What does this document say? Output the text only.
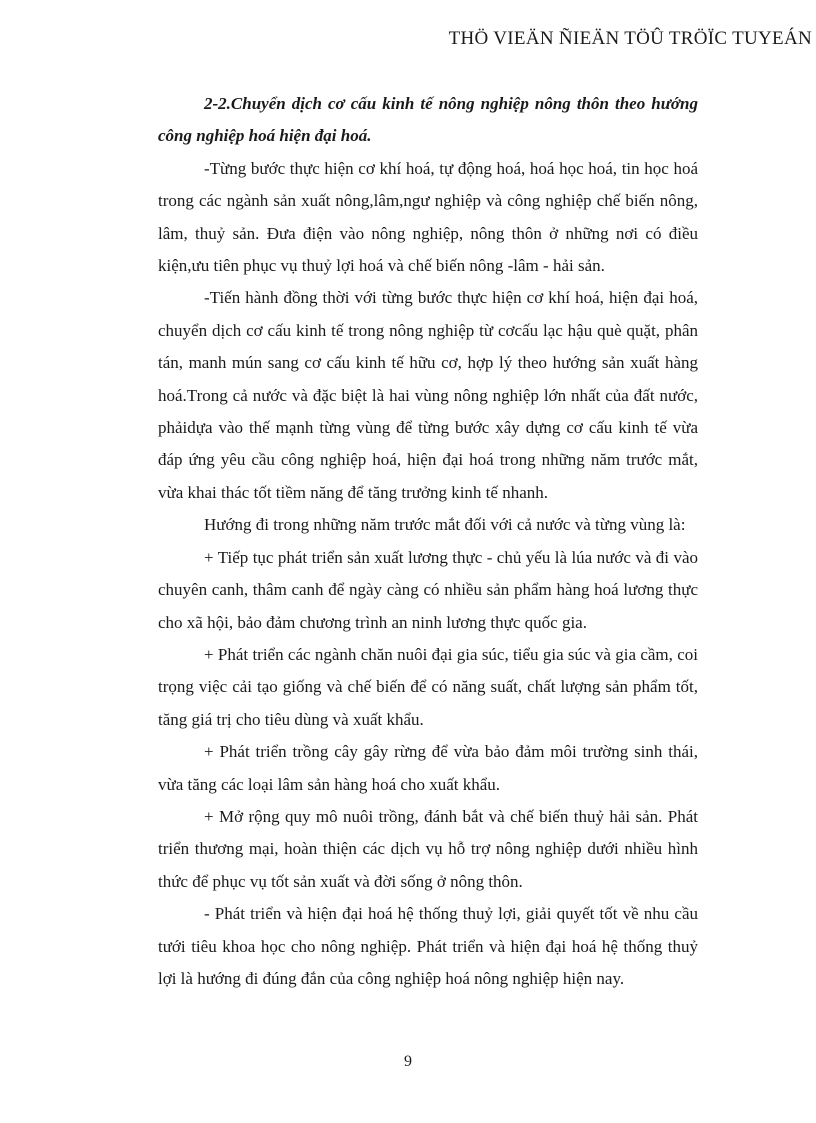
THÖ VIEÄN ÑIEÄN TÖÛ TRÖÏC TUYEÁN

2-2.Chuyển dịch cơ cấu kinh tế nông nghiệp nông thôn theo hướng công nghiệp hoá hiện đại hoá.

-Từng bước thực hiện cơ khí hoá, tự động hoá, hoá học hoá, tin học hoá trong các ngành sản xuất nông,lâm,ngư nghiệp và công nghiệp chế biến nông, lâm, thuỷ sản. Đưa điện vào nông nghiệp, nông thôn ở những nơi có điều kiện,ưu tiên phục vụ thuỷ lợi hoá và chế biến nông -lâm - hải sản.

-Tiến hành đồng thời với từng bước thực hiện cơ khí hoá, hiện đại hoá, chuyển dịch cơ cấu kinh tế trong nông nghiệp từ cơcấu lạc hậu què quặt, phân tán, manh mún sang cơ cấu kinh tế hữu cơ, hợp lý theo hướng sản xuất hàng hoá.Trong cả nước và đặc biệt là hai vùng nông nghiệp lớn nhất của đất nước, phảidựa vào thế mạnh từng vùng để từng bước xây dựng cơ cấu kinh tế vừa đáp ứng yêu cầu công nghiệp hoá, hiện đại hoá trong những năm trước mắt, vừa khai thác tốt tiềm năng để tăng trưởng kinh tế nhanh.

Hướng đi trong những năm trước mắt đối với cả nước và từng vùng là:

+ Tiếp tục phát triển sản xuất lương thực - chủ yếu là lúa nước và đi vào chuyên canh, thâm canh để ngày càng có nhiều sản phẩm hàng hoá lương thực cho xã hội, bảo đảm chương trình an ninh lương thực quốc gia.

+ Phát triển các ngành chăn nuôi đại gia súc, tiểu gia súc và gia cầm, coi trọng việc cải tạo giống và chế biến để có năng suất, chất lượng sản phẩm tốt, tăng giá trị cho tiêu dùng và xuất khẩu.

+ Phát triển trồng cây gây rừng để vừa bảo đảm môi trường sinh thái, vừa tăng các loại lâm sản hàng hoá cho xuất khẩu.

+ Mở rộng quy mô nuôi trồng, đánh bắt và chế biến thuỷ hải sản. Phát triển thương mại, hoàn thiện các dịch vụ hỗ trợ nông nghiệp dưới nhiều hình thức để phục vụ tốt sản xuất và đời sống ở nông thôn.

- Phát triển và hiện đại hoá hệ thống thuỷ lợi, giải quyết tốt về nhu cầu tưới tiêu khoa học cho nông nghiệp. Phát triển và hiện đại hoá hệ thống thuỷ lợi là hướng đi đúng đắn của công nghiệp hoá nông nghiệp hiện nay.

9
